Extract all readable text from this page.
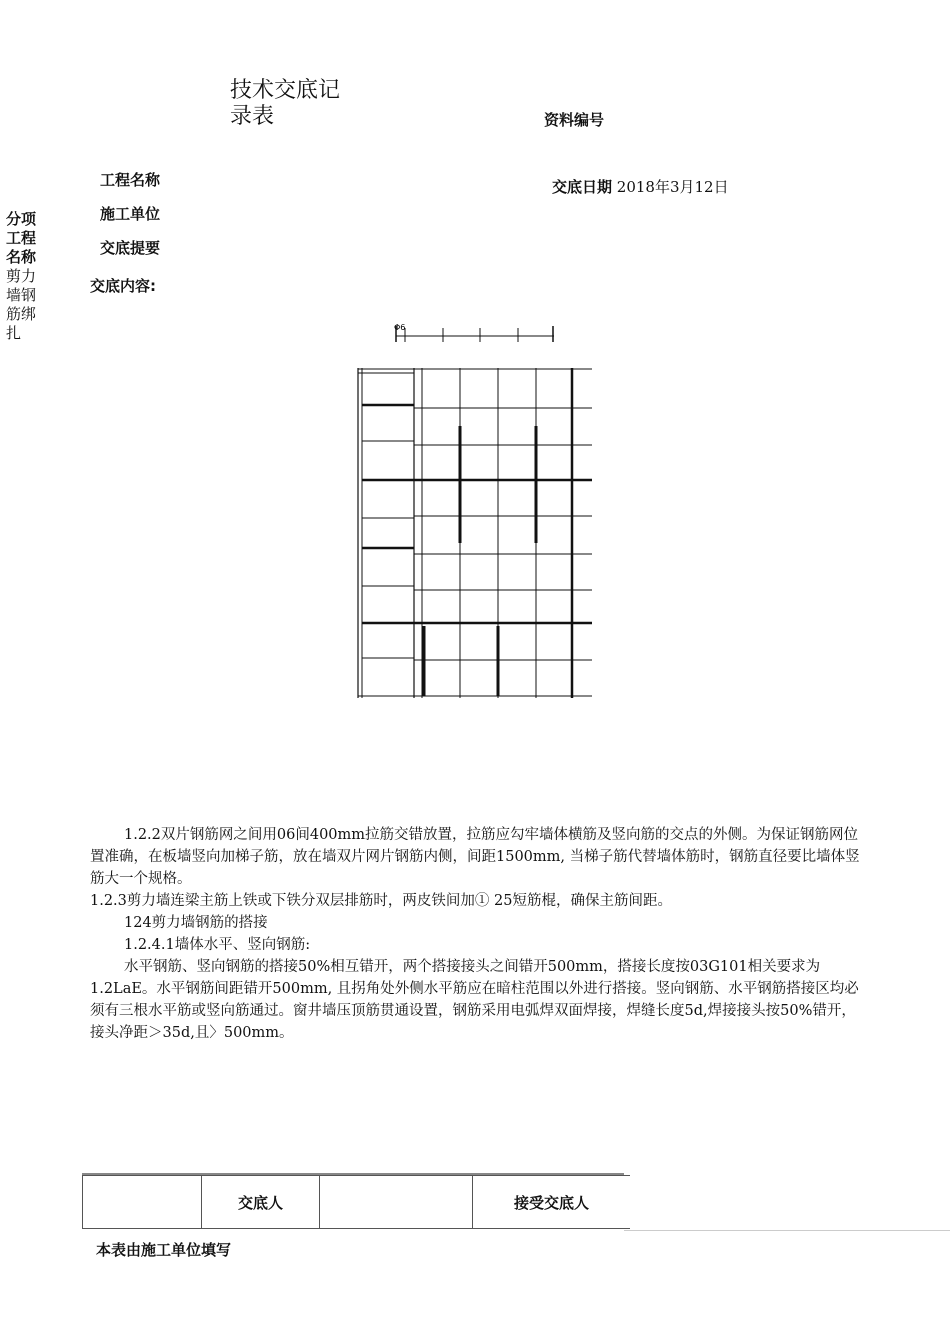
技术交底记录表	资料编号
工程名称	交底日期 2018年3月12日
施工单位
交底提要
交底内容:
分项工程名称
剪力墙钢筋绑扎	Φ6

1.2.2双片钢筋网之间用06间400mm拉筋交错放置，拉筋应勾牢墙体横筋及竖向筋的交点的外侧。为保证钢筋网位置准确，在板墙竖向加梯子筋，放在墙双片网片钢筋内侧，间距1500mm, 当梯子筋代替墙体筋时，钢筋直径要比墙体竖筋大一个规格。

1.2.3剪力墙连梁主筋上铁或下铁分双层排筋时，两皮铁间加① 25短筋棍，确保主筋间距。

124剪力墙钢筋的搭接

1.2.4.1墙体水平、竖向钢筋:

水平钢筋、竖向钢筋的搭接50%相互错开，两个搭接接头之间错开500mm，搭接长度按03G101相关要求为1.2LaE。水平钢筋间距错开500mm, 且拐角处外侧水平筋应在暗柱范围以外进行搭接。竖向钢筋、水平钢筋搭接区均必须有三根水平筋或竖向筋通过。窗井墙压顶筋贯通设置，钢筋采用电弧焊双面焊接，焊缝长度5d,焊接接头按50%错开，接头净距＞35d,且〉500mm。

	交底人		接受交底人
本表由施工单位填写
